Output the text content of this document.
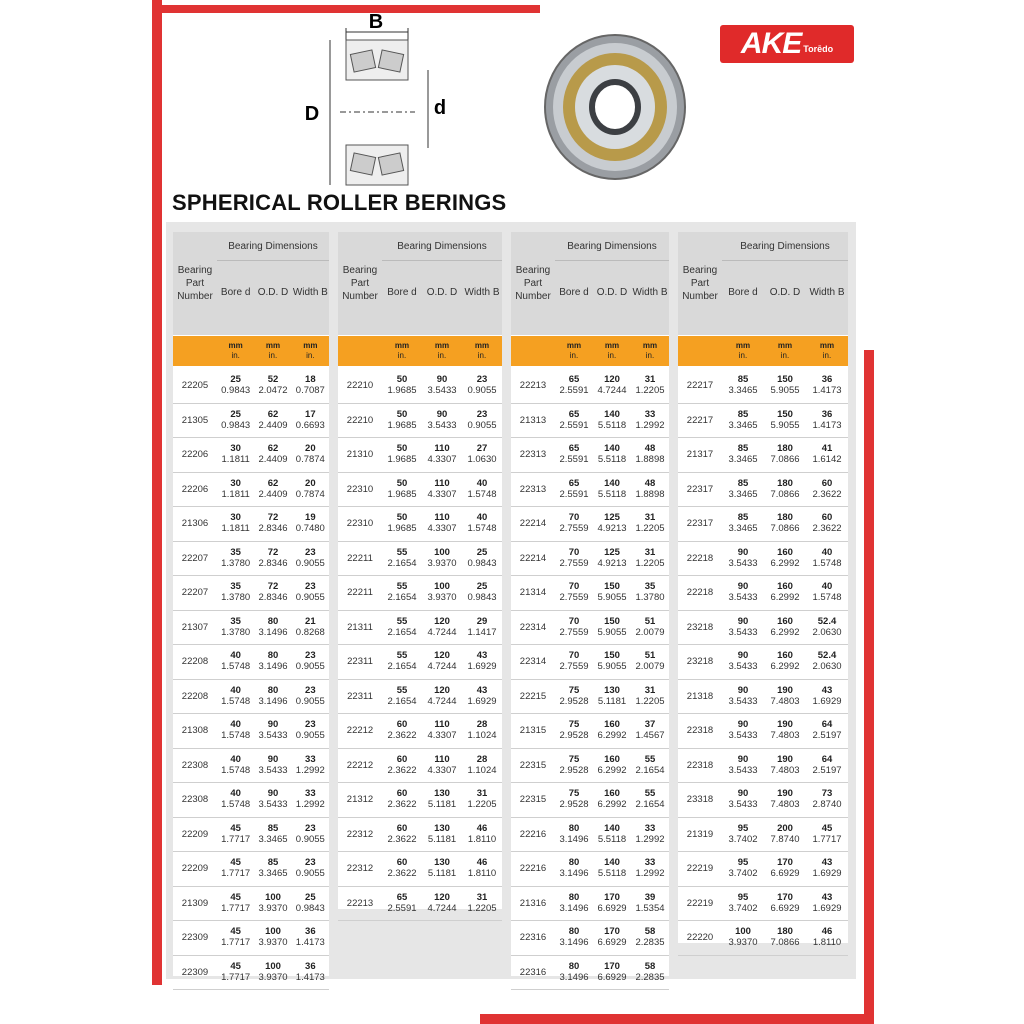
B
D	d
AKE Torēdo
SPHERICAL ROLLER BERINGS
Bearing Part Number
Bearing Dimensions
Bore d O.D. D Width B
mm
in.
mm
in.
mm
in.
22205
25
0.9843
52
2.0472
18
0.7087
21305
25
0.9843
62
2.4409
17
0.6693
22206
30
1.1811
62
2.4409
20
0.7874
22206
30
1.1811
62
2.4409
20
0.7874
21306
30
1.1811
72
2.8346
19
0.7480
22207
35
1.3780
72
2.8346
23
0.9055
22207
35
1.3780
72
2.8346
23
0.9055
21307
35
1.3780
80
3.1496
21
0.8268
22208
40
1.5748
80
3.1496
23
0.9055
22208
40
1.5748
80
3.1496
23
0.9055
21308
40
1.5748
90
3.5433
23
0.9055
22308
40
1.5748
90
3.5433
33
1.2992
22308
40
1.5748
90
3.5433
33
1.2992
22209
45
1.7717
85
3.3465
23
0.9055
22209
45
1.7717
85
3.3465
23
0.9055
21309
45
1.7717
100
3.9370
25
0.9843
22309
45
1.7717
100
3.9370
36
1.4173
22309
45
1.7717
100
3.9370
36
1.4173
Bearing Part Number
Bearing Dimensions
Bore d O.D. D Width B
mm
in.
mm
in.
mm
in.
22210
50
1.9685
90
3.5433
23
0.9055
22210
50
1.9685
90
3.5433
23
0.9055
21310
50
1.9685
110
4.3307
27
1.0630
22310
50
1.9685
110
4.3307
40
1.5748
22310
50
1.9685
110
4.3307
40
1.5748
22211
55
2.1654
100
3.9370
25
0.9843
22211
55
2.1654
100
3.9370
25
0.9843
21311
55
2.1654
120
4.7244
29
1.1417
22311
55
2.1654
120
4.7244
43
1.6929
22311
55
2.1654
120
4.7244
43
1.6929
22212
60
2.3622
110
4.3307
28
1.1024
22212
60
2.3622
110
4.3307
28
1.1024
21312
60
2.3622
130
5.1181
31
1.2205
22312
60
2.3622
130
5.1181
46
1.8110
22312
60
2.3622
130
5.1181
46
1.8110
22213
65
2.5591
120
4.7244
31
1.2205
Bearing Part Number
Bearing Dimensions
Bore d O.D. D Width B
mm
in.
mm
in.
mm
in.
22213
65
2.5591
120
4.7244
31
1.2205
21313
65
2.5591
140
5.5118
33
1.2992
22313
65
2.5591
140
5.5118
48
1.8898
22313
65
2.5591
140
5.5118
48
1.8898
22214
70
2.7559
125
4.9213
31
1.2205
22214
70
2.7559
125
4.9213
31
1.2205
21314
70
2.7559
150
5.9055
35
1.3780
22314
70
2.7559
150
5.9055
51
2.0079
22314
70
2.7559
150
5.9055
51
2.0079
22215
75
2.9528
130
5.1181
31
1.2205
21315
75
2.9528
160
6.2992
37
1.4567
22315
75
2.9528
160
6.2992
55
2.1654
22315
75
2.9528
160
6.2992
55
2.1654
22216
80
3.1496
140
5.5118
33
1.2992
22216
80
3.1496
140
5.5118
33
1.2992
21316
80
3.1496
170
6.6929
39
1.5354
22316
80
3.1496
170
6.6929
58
2.2835
22316
80
3.1496
170
6.6929
58
2.2835
Bearing Part Number
Bearing Dimensions
Bore d	O.D. D Width B
mm
in.
mm
in.
mm
in.
22217
85
3.3465
150
5.9055
36
1.4173
22217
85
3.3465
150
5.9055
36
1.4173
21317
85
3.3465
180
7.0866
41
1.6142
22317
85
3.3465
180
7.0866
60
2.3622
22317
85
3.3465
180
7.0866
60
2.3622
22218
90
3.5433
160
6.2992
40
1.5748
22218
90
3.5433
160
6.2992
40
1.5748
23218
90
3.5433
160
6.2992
52.4
2.0630
23218
90
3.5433
160
6.2992
52.4
2.0630
21318
90
3.5433
190
7.4803
43
1.6929
22318
90
3.5433
190
7.4803
64
2.5197
22318
90
3.5433
190
7.4803
64
2.5197
23318
90
3.5433
190
7.4803
73
2.8740
21319
95
3.7402
200
7.8740
45
1.7717
22219
95
3.7402
170
6.6929
43
1.6929
22219
95
3.7402
170
6.6929
43
1.6929
22220
100
3.9370
180
7.0866
46
1.8110
